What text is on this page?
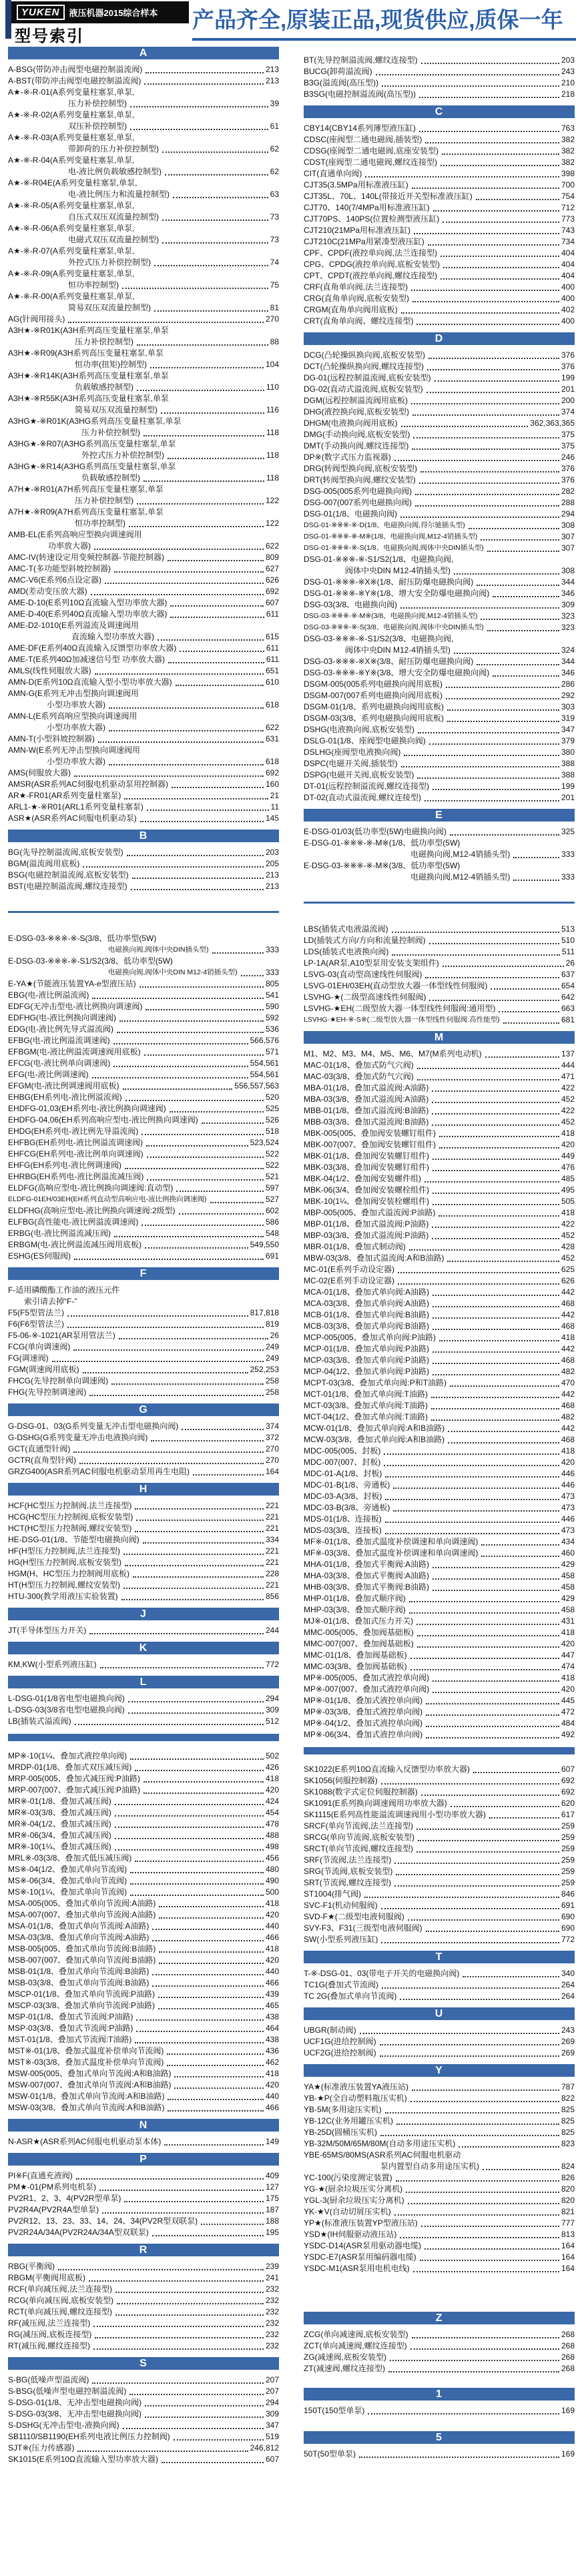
YUKEN	液压机器2015综合样本
型号索引
产品齐全,原装正品,现货供应,质保一年
A
A-BSG(带防冲击阀型电磁控制溢流阀)	213
A-BST(带防冲击阀型电磁控制溢流阀)	213
A★-※-R-01(A系列变量柱塞泵,单泵,
压力补偿控制型)	39
A★-※-R-02(A系列变量柱塞泵,单泵,
双压补偿控制型)	61
A★-※-R-03(A系列变量柱塞泵,单泵,
带卸荷的压力补偿控制型)	62
A★-※-R-04(A系列变量柱塞泵,单泵,
电-液比例负载敏感控制型)	62
A★-※-R04E(A系列变量柱塞泵,单泵,
电-液比例压力和流量控制型)	63
A★-※-R-05(A系列变量柱塞泵,单泵,
自压式双压双流量控制型)	73
A★-※-R-06(A系列变量柱塞泵,单泵,
电磁式双压双流量控制型)	73
A★-※-R-07(A系列变量柱塞泵,单泵,
外控式压力补偿控制型)	74
A★-※-R-09(A系列变量柱塞泵,单泵,
恒功率控制型)	75
A★-※-R-00(A系列变量柱塞泵,单泵,
简易双压双流量控制型)	81
AG(针阀用接头)	270
A3H★-※R01K(A3H系列高压变量柱塞泵,单泵
压力补偿控制型)	88
A3H★-※R09(A3H系列高压变量柱塞泵,单泵
恒功率(扭矩)控制型)	104
A3H★-※R14K(A3H系列高压变量柱塞泵,单泵
负载敏感控制型)	110
A3H★-※R55K(A3H系列高压变量柱塞泵,单泵
简易双压双流量控制型)	116
A3HG★-※R01K(A3HG系列高压变量柱塞泵,单泵
压力补偿控制型)	118
A3HG★-※R07(A3HG系列高压变量柱塞泵,单泵
外控式压力补偿控制型)	118
A3HG★-※R14(A3HG系列高压变量柱塞泵,单泵
负载敏感控制型)	118
A7H★-※R01(A7H系列高压变量柱塞泵,单泵
压力补偿控制型)	122
A7H★-※R09(A7H系列高压变量柱塞泵,单泵
恒功率控制型)	122
AMB-EL(E系列高响应型换向调速阀用
功率放大器)	622
AMC-IV(转速设定用变频控制器-节能控制器)	809
AMC-T(多功能型斜坡控制器)	627
AMC-V6(E系列6点设定器)	626
AMD(差动变压放大器)	692
AME-D-10(E系列10Ω直流输入型功率放大器)	607
AME-D-40(E系列40Ω直流输入型功率放大器)	611
AME-D2-1010(E系列溢流及调速阀用
直流输入型功率放大器)	615
AME-DF(E系列40Ω直流输入反馈型功率放大器)	611
AME-T(E系列40Ω加减速信号型 功率放大器)	611
AMLS(线性伺服放大器)	651
AMN-D(E系列10Ω直流输入型小型功率放大器)	610
AMN-G(E系列无冲击型换向调速阀用
小型功率放大器)	618
AMN-L(E系列高响应型换向调速阀用
小型功率放大器)	622
AMN-T(小型斜坡控制器)	631
AMN-W(E系列无冲击型换向调速阀用
小型功率放大器)	618
AMS(伺服放大器)	692
AMSR(ASR系列AC伺服电机驱动泵用控制器)	160
AR★-FR01(AR系列变量柱塞泵)	21
ARL1-★-※R01(ARL1系列变量柱塞泵)	11
ASR★(ASR系列AC伺服电机驱动泵)	145
B
BG(先导控制溢流阀,底板安装型)	203
BGM(溢流阀用底板)	205
BSG(电磁控制溢流阀,底板安装型)	213
BST(电磁控制溢流阀,螺纹连接型)	213
E-DSG-03-※※※-※-S(3/8、低功率型(5W)
电磁换向阀,阀体中央DIN插头型)	333
E-DSG-03-※※※-※-S1/S2(3/8、低功率型(5W)
电磁换向阀,阀体中央DIN M12-4销插头型)	333
E-YA★(节能液压装置YA-e型液压站)	805
EBG(电-液比例溢流阀)	541
EDFG(无冲击型电-液比例换向调速阀)	590
EDFHG(电-液比例换向调速阀)	592
EDG(电-液比例先导式溢流阀)	536
EFBG(电-液比例溢流调速阀)	566,576
EFBGM(电-液比例溢流调速阀用底板)	571
EFCG(电-液比例单向调速阀)	554,561
EFG(电-液比例调速阀)	554,561
EFGM(电-液比例调速阀用底板)	556,557,563
EHBG(EH系列电-液比例溢流阀)	520
EHDFG-01,03(EH系列电-液比例换向调速阀)	525
EHDFG-04,06(EH系列高响应型电-液比例换向调速阀)	526
EHDG(EH系列电-液比例先导溢流阀)	518
EHFBG(EH系列电-液比例溢流调速阀)	523,524
EHFCG(EH系列电-液比例单向调速阀)	522
EHFG(EH系列电-液比例调速阀)	522
EHRBG(EH系列电-液比例溢流减压阀)	521
ELDFG(高响应型电-液比例换向调速阀:直动型)	597
ELDFG-01EH/03EH(EH系列直动型高响应电-液比例换向调速阀)	527
ELDFHG(高响应型电-液比例换向调速阀:2级型)	602
ELFBG(高性能电-液比例溢流调速阀)	586
ERBG(电-液比例溢流减压阀)	548
ERBGM(电-液比例溢流减压阀用底板)	549,550
ESHG(ES伺服阀)	691
F
F-适用磷酸酯工作油的液压元件
索引请去掉“F-”
F5(F5型管法兰)	817,818
F6(F6型管法兰)	819
F5-06-※-1021(AR泵用管法兰)	26
FCG(单向调速阀)	249
FG(调速阀)	249
FGM(调速阀用底板)	252,253
FHCG(先导控制单向调速阀)	258
FHG(先导控制调速阀)	258
G
G-DSG-01、03(G系列变量无冲击型电磁换向阀)	374
G-DSHG(G系列变量无冲击电液换向阀)	372
GCT(直通型针阀)	270
GCTR(直角型针阀)	270
GRZG400(ASR系列AC伺服电机驱动泵用再生电阻)	164
H
HCF(HC型压力控制阀,法兰连接型)	221
HCG(HC型压力控制阀,底板安装型)	221
HCT(HC型压力控制阀,螺纹安装型)	221
HE-DSG-01(1/8、节能型电磁换向阀)	334
HF(H型压力控制阀,法兰连接型)	221
HG(H型压力控制阀,底板安装型)	221
HGM(H、HC型压力控制阀用底板)	228
HT(H型压力控制阀,螺纹安装型)	221
HTU-300(教学用液压实验装置)	856
J
JT(半导体型压力开关)	244
K
KM,KW(小型系列液压缸)	772
L
L-DSG-01(1/8省电型电磁换向阀)	294
L-DSG-03(3/8省电型电磁换向阀)	309
LB(插装式溢流阀)	512
MP※-10(1¼、叠加式液控单向阀)	502
MRDP-01(1/8、叠加式双压减压阀)	426
MRP-005(005、叠加式减压阀:P油路)	418
MRP-007(007、叠加式减压阀:P油路)	420
MR※-01(1/8、叠加式减压阀)	424
MR※-03(3/8、叠加式减压阀)	454
MR※-04(1/2、叠加式减压阀)	478
MR※-06(3/4、叠加式减压阀)	488
MR※-10(1¼、叠加式减压阀)	498
MRL※-03(3/8、叠加式低压减压阀)	456
MS※-04(1/2、叠加式单向节流阀)	480
MS※-06(3/4、叠加式单向节流阀)	490
MS※-10(1¼、叠加式单向节流阀)	500
MSA-005(005、叠加式单向节流阀:A油路)	418
MSA-007(007、叠加式单向节流阀:A油路)	420
MSA-01(1/8、叠加式单向节流阀:A油路)	440
MSA-03(3/8、叠加式单向节流阀:A油路)	466
MSB-005(005、叠加式单向节流阀:B油路)	418
MSB-007(007、叠加式单向节流阀:B油路)	420
MSB-01(1/8、叠加式单向节流阀:B油路)	440
MSB-03(3/8、叠加式单向节流阀:B油路)	466
MSCP-01(1/8、叠加式单向节流阀:P油路)	439
MSCP-03(3/8、叠加式单向节流阀:P油路)	465
MSP-01(1/8、叠加式节流阀:P油路)	438
MSP-03(3/8、叠加式节流阀:P油路)	464
MST-01(1/8、叠加式节流阀:T油路)	438
MST※-01(1/8、叠加式温度补偿单向节流阀)	436
MST※-03(3/8、叠加式温度补偿单向节流阀)	462
MSW-005(005、叠加式单向节流阀:A和B油路)	418
MSW-007(007、叠加式单向节流阀:A和B油路)	420
MSW-01(1/8、叠加式单向节流阀:A和B油路)	440
MSW-03(3/8、叠加式单向节流阀:A和B油路)	466
N
N-ASR★(ASR系列AC伺服电机驱动泵本体)	149
P
PI※F(直通充液阀)	409
PM★-01(PM系列电机泵)	127
PV2R1、2、3、4(PV2R型单泵)	175
PV2R4A(PV2R4A型单泵)	187
PV2R12、13、23、33、14、24、34(PV2R型双联泵)	188
PV2R24A/34A(PV2R24A/34A型双联泵)	195
R
RBG(平衡阀)	239
RBGM(平衡阀用底板)	241
RCF(单向减压阀,法兰连接型)	232
RCG(单向减压阀,底板安装型)	232
RCT(单向减压阀,螺纹连接型)	232
RF(减压阀,法兰连接型)	232
RG(减压阀,底板连接型)	232
RT(减压阀,螺纹连接型)	232
S
S-BG(低噪声型溢流阀)	207
S-BSG(低噪声型电磁控制溢流阀)	207
S-DSG-01(1/8、无冲击型电磁换向阀)	294
S-DSG-03(3/8、无冲击型电磁换向阀)	309
S-DSHG(无冲击型电-液换向阀)	347
SB1110/SB1190(EH系列电液比例压力控制阀)	519
SJT※(压力传感器)	246,812
SK1015(E系列10Ω直流输入型功率放大器)	607
BT(先导控制溢流阀,螺纹连接型)	203
BUCG(卸荷溢流阀)	243
B3G(溢流阀(高压型))	210
B3SG(电磁控制溢流阀(高压型))	218
C
CBY14(CBY14系列薄型液压缸)	763
CDSC(座阀型二通电磁阀,插装型)	382
CDSG(座阀型二通电磁阀,底座安装型)	382
CDST(座阀型二通电磁阀,螺纹连接型)	382
CIT(直通单向阀)	398
CJT35(3.5MPa用标准液压缸)	700
CJT35L、70L、140L(带接近开关型标准液压缸)	754
CJT70、140(7/4MPa用标准液压缸)	712
CJT70PS、140PS(位置检测型液压缸)	773
CJT210(21MPa用标准液压缸)	743
CJT210C(21MPa用紧凑型液压缸)	734
CPF、CPDF(液控单向阀,法兰连接型)	404
CPG、CPDG(液控单向阀,底板安装型)	404
CPT、CPDT(液控单向阀,螺纹连接型)	404
CRF(直角单向阀,法兰连接型)	400
CRG(直角单向阀,底板安装型)	400
CRGM(直角单向阀用底板)	402
CRT(直角单向阀、螺纹连接型)	400
D
DCG(凸轮操纵换向阀,底板安装型)	376
DCT(凸轮操纵换向阀,螺纹连接型)	376
DG-01(远程控制溢流阀,底板安装型)	199
DG-02(直动式溢流阀,底板安装型)	201
DGM(远程控制溢流阀用底板)	200
DHG(液控换向阀,底板安装型)	374
DHGM(电液换向阀用底板)	362,363,365
DMG(手动换向阀,底板安装型)	375
DMT(手动换向阀,螺纹连接型)	375
DP※(数字式压力监视器)	246
DRG(转阀型换向阀,底板安装型)	376
DRT(转阀型换向阀,螺纹安装型)	376
DSG-005(005系列电磁换向阀)	282
DSG-007(007系列电磁换向阀)	288
DSG-01(1/8、电磁换向阀)	294
DSG-01-※※※-※-D(1/8、电磁换向阀,得尔驰插头型)	308
DSG-01-※※※-※-M※(1/8、电磁换向阀,M12-4销插头型)	307
DSG-01-※※※-※-S(1/8、电磁换向阀,阀体中央DIN插头型)	307
DSG-01-※※※-※-S1/S2(1/8、电磁换向阀,
阀体中央DIN M12-4销插头型)	308
DSG-01-※※※-※X※(1/8、耐压防爆电磁换向阀)	344
DSG-01-※※※-※Y※(1/8、增大安全防爆电磁换向阀)	346
DSG-03(3/8、电磁换向阀)	309
DSG-03-※※※-※-M※(3/8、电磁换向阀,M12-4销插头型)	323
DSG-03-※※※-※-S(3/8、电磁换向阀,阀体中央DIN插头型)	323
DSG-03-※※※-※-S1/S2(3/8、电磁换向阀,
阀体中央DIN M12-4销插头型)	324
DSG-03-※※※-※X※(3/8、耐压防爆电磁换向阀)	344
DSG-03-※※※-※Y※(3/8、增大安全防爆电磁换向阀)	346
DSGM-005(005系列电磁换向阀用底板)	286
DSGM-007(007系列电磁换向阀用底板)	292
DSGM-01(1/8、系列电磁换向阀用底板)	303
DSGM-03(3/8、系列电磁换向阀用底板)	319
DSHG(电液换向阀,底板安装型)	347
DSLG-01(1/8、座阀型电磁换向阀)	379
DSLHG(座阀型电液换向阀)	380
DSPC(电磁开关阀,插装型)	388
DSPG(电磁开关阀,底板安装型)	388
DT-01(远程控制溢流阀,螺纹连接型)	199
DT-02(直动式溢流阀,螺纹连接型)	201
E
E-DSG-01/03(低功率型(5W)电磁换向阀)	325
E-DSG-01-※※※-※-M※(1/8、低功率型(5W)
电磁换向阀,M12-4销插头型)	333
E-DSG-03-※※※-※-M※(3/8、低功率型(5W)
电磁换向阀,M12-4销插头型)	333
LBS(插装式电液溢流阀)	513
LD(插装式方向/方向和流量控制阀)	510
LDS(插装式电液换向阀)	511
LP-1A(AR泵,A10型泵用安装支架组件)	26
LSVG-03(直动型高速线性伺服阀)	637
LSVG-01EH/03EH(直动型放大器一体型线性伺服阀)	654
LSVHG-★(二级型高速线性伺服阀)	642
LSVHG-★EH(二级型放大器一体型线性伺服阀:通用型)	663
LSVHG-★EH-※-S※(二级型放大器一体型线性伺服阀:高性能型)	681
M
M1、M2、M3、M4、M5、M6、M7(M系列电动机)	137
MAC-01(1/8、叠加式防气穴阀)	444
MAC-03(3/8、叠加式防气穴阀)	471
MBA-01(1/8、叠加式溢流阀:A油路)	422
MBA-03(3/8、叠加式溢流阀:A油路)	452
MBB-01(1/8、叠加式溢流阀:B油路)	422
MBB-03(3/8、叠加式溢流阀:B油路)	452
MBK-005(005、叠加阀安装螺钉组件)	418
MBK-007(007、叠加阀安装螺钉组件)	420
MBK-01(1/8、叠加阀安装螺钉组件)	449
MBK-03(3/8、叠加阀安装螺钉组件)	476
MBK-04(1/2、叠加阀安装螺件组)	485
MBK-06(3/4、叠加阀安装螺栓组件)	495
MBK-10(1¼、叠加阀安装栓螺组件)	505
MBP-005(005、叠加式溢流阀:P油路)	418
MBP-01(1/8、叠加式溢流阀:P油路)	422
MBP-03(3/8、叠加式溢流阀:P油路)	452
MBR-01(1/8、叠加式制动阀)	428
MBW-03(3/8、叠加式溢流阀:A和B油路)	452
MC-01(E系列手动设定器)	625
MC-02(E系列手动设定器)	626
MCA-01(1/8、叠加式单向阀:A油路)	442
MCA-03(3/8、叠加式单向阀:A油路)	468
MCB-01(1/8、叠加式单向阀:B油路)	442
MCB-03(3/8、叠加式单向阀:B油路)	468
MCP-005(005、叠加式单向阀:P油路)	418
MCP-01(1/8、叠加式单向阀:P油路)	442
MCP-03(3/8、叠加式单向阀:P油路)	468
MCP-04(1/2、叠加式单向阀:P油路)	482
MCPT-03(3/8、叠加式单向阀:P和T油路)	470
MCT-01(1/8、叠加式单向阀:T油路)	442
MCT-03(3/8、叠加式单向阀:T油路)	468
MCT-04(1/2、叠加式单向阀:T油路)	482
MCW-01(1/8、叠加式单向阀:A和B油路)	442
MCW-03(3/8、叠加式单向阀:A和B油路)	468
MDC-005(005、封板)	418
MDC-007(007、封板)	420
MDC-01-A(1/8、封板)	446
MDC-01-B(1/8、旁通板)	446
MDC-03-A(3/8、封板)	473
MDC-03-B(3/8、旁通板)	473
MDS-01(1/8、连接板)	446
MDS-03(3/8、连接板)	473
MF※-01(1/8、叠加式温度补偿调速和单向调速阀)	434
MF※-03(3/8、叠加式温度补偿调速和单向调速阀)	460
MHA-01(1/8、叠加式平衡阀:A油路)	429
MHA-03(3/8、叠加式平衡阀:A油路)	458
MHB-03(3/8、叠加式平衡阀:B油路)	458
MHP-01(1/8、叠加式顺序阀)	429
MHP-03(3/8、叠加式顺序阀)	458
MJ※-01(1/8、叠加式压力开关)	431
MMC-005(005、叠加阀基础板)	418
MMC-007(007、叠加阀基础板)	420
MMC-01(1/8、叠加阀基础板)	447
MMC-03(3/8、叠加阀基础板)	474
MP※-005(005、叠加式液控单向阀)	418
MP※-007(007、叠加式液控单向阀)	420
MP※-01(1/8、叠加式液控单向阀)	445
MP※-03(3/8、叠加式液控单向阀)	472
MP※-04(1/2、叠加式液控单向阀)	484
MP※-06(3/4、叠加式液控单向阀)	492
SK1022(E系列10Ω直流输入反馈型功率放大器)	607
SK1056(伺服控制器)	692
SK1088(数字式定位伺服控制器)	692
SK1091(E系列换向调速阀用功率放大器)	620
SK1115(E系列高性能溢流调速阀用小型功率放大器)	617
SRCF(单向节流阀,法兰连接型)	259
SRCG(单向节流阀,底板安装型)	259
SRCT(单向节流阀,螺纹连接型)	259
SRF(节流阀,法兰连接型)	259
SRG(节流阀,底板安装型)	259
SRT(节流阀,螺纹连接型)	259
ST1004(排气阀)	846
SVC-F1(机动伺服阀)	691
SVD-F★(二级型电液伺服阀)	690
SVY-F3、F31(三级型电液伺服阀)	690
SW(小型系列液压缸)	772
T
T-※-DSG-01、03(带电子开关的电磁换向阀)	340
TC1G(叠加式节流阀)	264
TC 2G(叠加式单向节流阀)	264
U
UBGR(制动阀)	243
UCF1G(进给控制阀)	269
UCF2G(进给控制阀)	269
Y
YA★(标准液压装置YA液压站)	787
YB-★P(全自动塑料瓶压实机)	822
YB-5M(多用途压实机)	825
YB-12C(业务用罐压实机)	825
YB-25D(圆桶压实机)	825
YB-32M/50M/65M/80M(自动多用途压实机)	823
YBE-65MS/80MS(ASR系列AC伺服电机驱动
泵内置型自动多用途压实机)	824
YC-100(污染度测定装置)	826
YG-★(厨余垃圾压实分离机)	820
YGL-3(厨余垃圾压实分离机)	820
YK-★V(自动切屑压实机)	821
YP★(标准液压装置YP型液压站)	777
YSD★(IH伺服驱动液压站)	813
YSDC-D14(ASR泵用驱动器电缆)	164
YSDC-E7(ASR泵用编码器电缆)	164
YSDC-M1(ASR泵用电机电线)	164
Z
ZCG(单向减速阀,底板安装型)	268
ZCT(单向减速阀,螺纹连接型)	268
ZG(减速阀,底板安装型)	268
ZT(减速阀,螺纹连接型)	268
1
150T(150型单泵)	169
5
50T(50型单泵)	169
